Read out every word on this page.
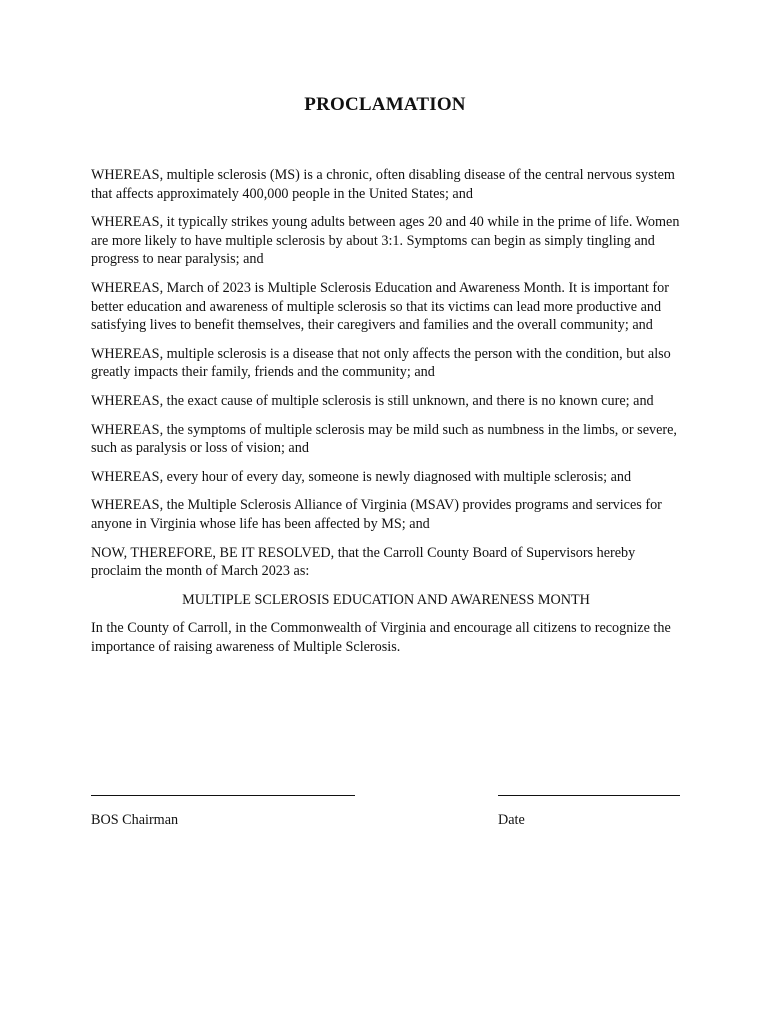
PROCLAMATION

WHEREAS, multiple sclerosis (MS) is a chronic, often disabling disease of the central nervous system that affects approximately 400,000 people in the United States; and

WHEREAS, it typically strikes young adults between ages 20 and 40 while in the prime of life. Women are more likely to have multiple sclerosis by about 3:1. Symptoms can begin as simply tingling and progress to near paralysis; and

WHEREAS, March of 2023 is Multiple Sclerosis Education and Awareness Month. It is important for better education and awareness of multiple sclerosis so that its victims can lead more productive and satisfying lives to benefit themselves, their caregivers and families and the overall community; and

WHEREAS, multiple sclerosis is a disease that not only affects the person with the condition, but also greatly impacts their family, friends and the community; and

WHEREAS, the exact cause of multiple sclerosis is still unknown, and there is no known cure; and

WHEREAS, the symptoms of multiple sclerosis may be mild such as numbness in the limbs, or severe, such as paralysis or loss of vision; and

WHEREAS, every hour of every day, someone is newly diagnosed with multiple sclerosis; and

WHEREAS, the Multiple Sclerosis Alliance of Virginia (MSAV) provides programs and services for anyone in Virginia whose life has been affected by MS; and

NOW, THEREFORE, BE IT RESOLVED, that the Carroll County Board of Supervisors hereby proclaim the month of March 2023 as:

MULTIPLE SCLEROSIS EDUCATION AND AWARENESS MONTH

In the County of Carroll, in the Commonwealth of Virginia and encourage all citizens to recognize the importance of raising awareness of Multiple Sclerosis.

BOS Chairman	Date
